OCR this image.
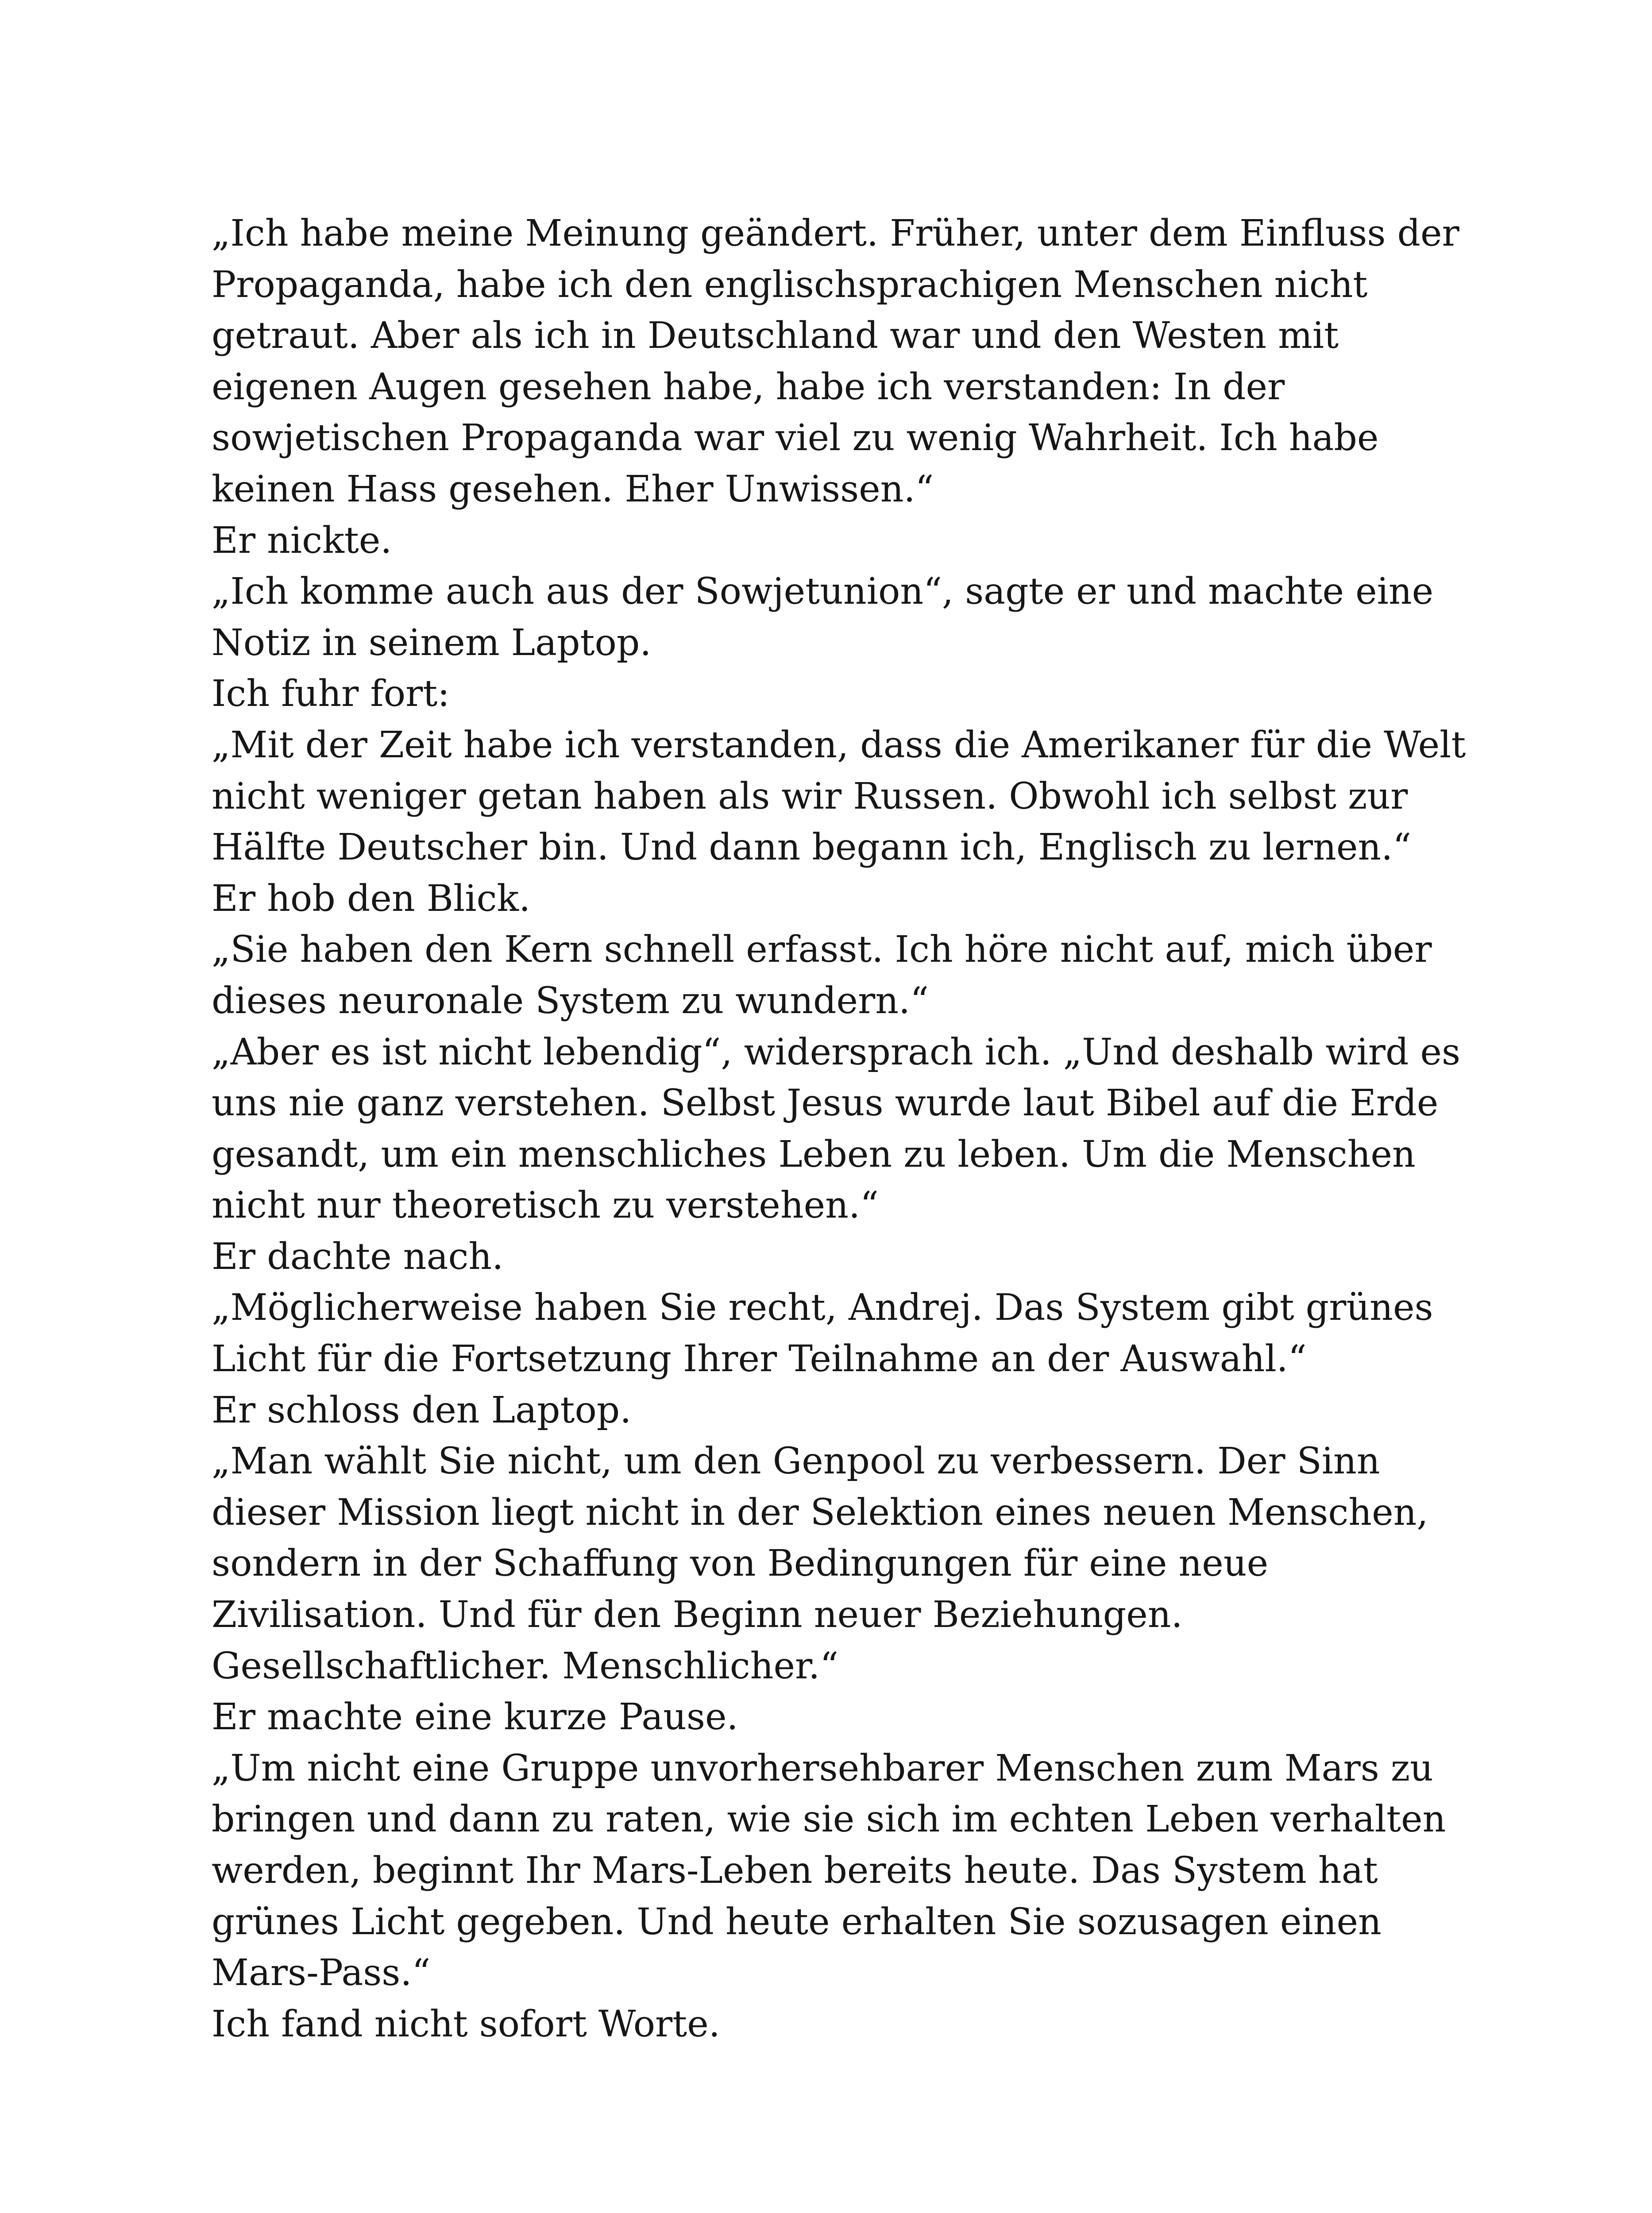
„Ich habe meine Meinung geändert. Früher, unter dem Einfluss der
Propaganda, habe ich den englischsprachigen Menschen nicht
getraut. Aber als ich in Deutschland war und den Westen mit
eigenen Augen gesehen habe, habe ich verstanden: In der
sowjetischen Propaganda war viel zu wenig Wahrheit. Ich habe
keinen Hass gesehen. Eher Unwissen.“
Er nickte.
„Ich komme auch aus der Sowjetunion“, sagte er und machte eine
Notiz in seinem Laptop.
Ich fuhr fort:
„Mit der Zeit habe ich verstanden, dass die Amerikaner für die Welt
nicht weniger getan haben als wir Russen. Obwohl ich selbst zur
Hälfte Deutscher bin. Und dann begann ich, Englisch zu lernen.“
Er hob den Blick.
„Sie haben den Kern schnell erfasst. Ich höre nicht auf, mich über
dieses neuronale System zu wundern.“
„Aber es ist nicht lebendig“, widersprach ich. „Und deshalb wird es
uns nie ganz verstehen. Selbst Jesus wurde laut Bibel auf die Erde
gesandt, um ein menschliches Leben zu leben. Um die Menschen
nicht nur theoretisch zu verstehen.“
Er dachte nach.
„Möglicherweise haben Sie recht, Andrej. Das System gibt grünes
Licht für die Fortsetzung Ihrer Teilnahme an der Auswahl.“
Er schloss den Laptop.
„Man wählt Sie nicht, um den Genpool zu verbessern. Der Sinn
dieser Mission liegt nicht in der Selektion eines neuen Menschen,
sondern in der Schaffung von Bedingungen für eine neue
Zivilisation. Und für den Beginn neuer Beziehungen.
Gesellschaftlicher. Menschlicher.“
Er machte eine kurze Pause.
„Um nicht eine Gruppe unvorhersehbarer Menschen zum Mars zu
bringen und dann zu raten, wie sie sich im echten Leben verhalten
werden, beginnt Ihr Mars-Leben bereits heute. Das System hat
grünes Licht gegeben. Und heute erhalten Sie sozusagen einen
Mars-Pass.“
Ich fand nicht sofort Worte.
